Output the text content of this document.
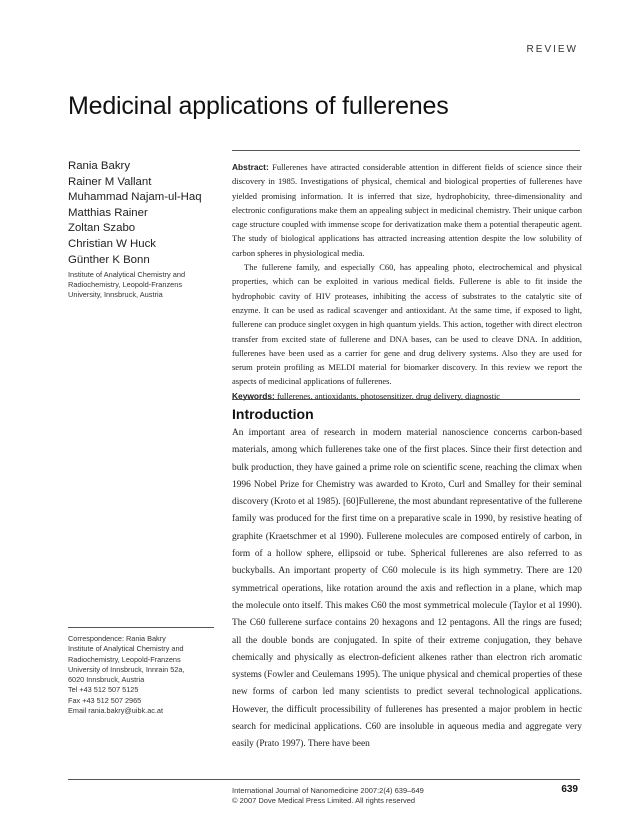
REVIEW
Medicinal applications of fullerenes
Rania Bakry
Rainer M Vallant
Muhammad Najam-ul-Haq
Matthias Rainer
Zoltan Szabo
Christian W Huck
Günther K Bonn
Institute of Analytical Chemistry and Radiochemistry, Leopold-Franzens University, Innsbruck, Austria

Abstract: Fullerenes have attracted considerable attention in different fields of science since their discovery in 1985. Investigations of physical, chemical and biological properties of fullerenes have yielded promising information. It is inferred that size, hydrophobicity, three-dimensionality and electronic configurations make them an appealing subject in medicinal chemistry. Their unique carbon cage structure coupled with immense scope for derivatization make them a potential therapeutic agent. The study of biological applications has attracted increasing attention despite the low solubility of carbon spheres in physiological media.

The fullerene family, and especially C60, has appealing photo, electrochemical and physical properties, which can be exploited in various medical fields. Fullerene is able to fit inside the hydrophobic cavity of HIV proteases, inhibiting the access of substrates to the catalytic site of enzyme. It can be used as radical scavenger and antioxidant. At the same time, if exposed to light, fullerene can produce singlet oxygen in high quantum yields. This action, together with direct electron transfer from excited state of fullerene and DNA bases, can be used to cleave DNA. In addition, fullerenes have been used as a carrier for gene and drug delivery systems. Also they are used for serum protein profiling as MELDI material for biomarker discovery. In this review we report the aspects of medicinal applications of fullerenes.

Keywords: fullerenes, antioxidants, photosensitizer, drug delivery, diagnostic

Introduction

An important area of research in modern material nanoscience concerns carbon-based materials, among which fullerenes take one of the first places. Since their first detection and bulk production, they have gained a prime role on scientific scene, reaching the climax when 1996 Nobel Prize for Chemistry was awarded to Kroto, Curl and Smalley for their seminal discovery (Kroto et al 1985). [60]Fullerene, the most abundant representative of the fullerene family was produced for the first time on a preparative scale in 1990, by resistive heating of graphite (Kraetschmer et al 1990). Fullerene molecules are composed entirely of carbon, in form of a hollow sphere, ellipsoid or tube. Spherical fullerenes are also referred to as buckyballs. An important property of C60 molecule is its high symmetry. There are 120 symmetrical operations, like rotation around the axis and reflection in a plane, which map the molecule onto itself. This makes C60 the most symmetrical molecule (Taylor et al 1990). The C60 fullerene surface contains 20 hexagons and 12 pentagons. All the rings are fused; all the double bonds are conjugated. In spite of their extreme conjugation, they behave chemically and physically as electron-deficient alkenes rather than electron rich aromatic systems (Fowler and Ceulemans 1995). The unique physical and chemical properties of these new forms of carbon led many scientists to predict several technological applications. However, the difficult processibility of fullerenes has presented a major problem in hectic search for medicinal applications. C60 are insoluble in aqueous media and aggregate very easily (Prato 1997). There have been

Correspondence: Rania Bakry
Institute of Analytical Chemistry and
Radiochemistry, Leopold-Franzens
University of Innsbruck, Innrain 52a,
6020 Innsbruck, Austria
Tel +43 512 507 5125
Fax +43 512 507 2965
Email rania.bakry@uibk.ac.at
International Journal of Nanomedicine 2007:2(4) 639–649
© 2007 Dove Medical Press Limited. All rights reserved
639
